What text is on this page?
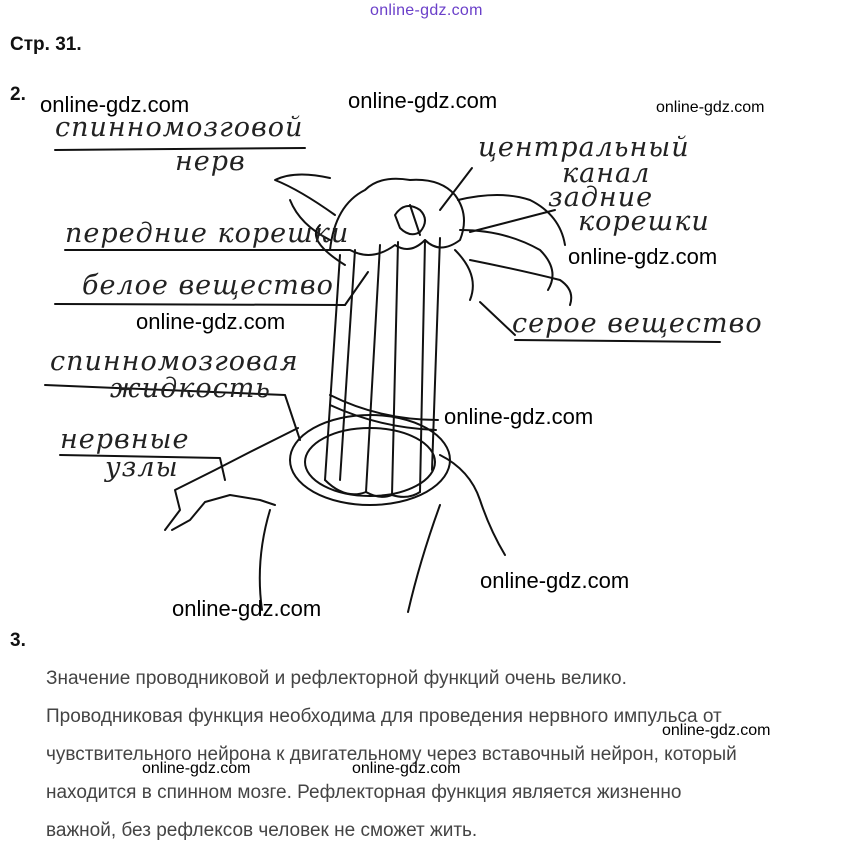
online-gdz.com
Стр. 31.
2.
спинномозговой
нерв	центральный
канал
задние
корешки
передние корешки
белое вещество
серое вещество
спинномозговая
жидкость
нервные
узлы
online-gdz.com	online-gdz.com	online-gdz.com
online-gdz.com
online-gdz.com
online-gdz.com
online-gdz.com
online-gdz.com
3.
Значение проводниковой и рефлекторной функций очень велико.
Проводниковая функция необходима для проведения нервного импульса от
чувствительного нейрона к двигательному через вставочный нейрон, который
находится в спинном мозге. Рефлекторная функция является жизненно
важной, без рефлексов человек не сможет жить.
online-gdz.com
online-gdz.com	online-gdz.com
